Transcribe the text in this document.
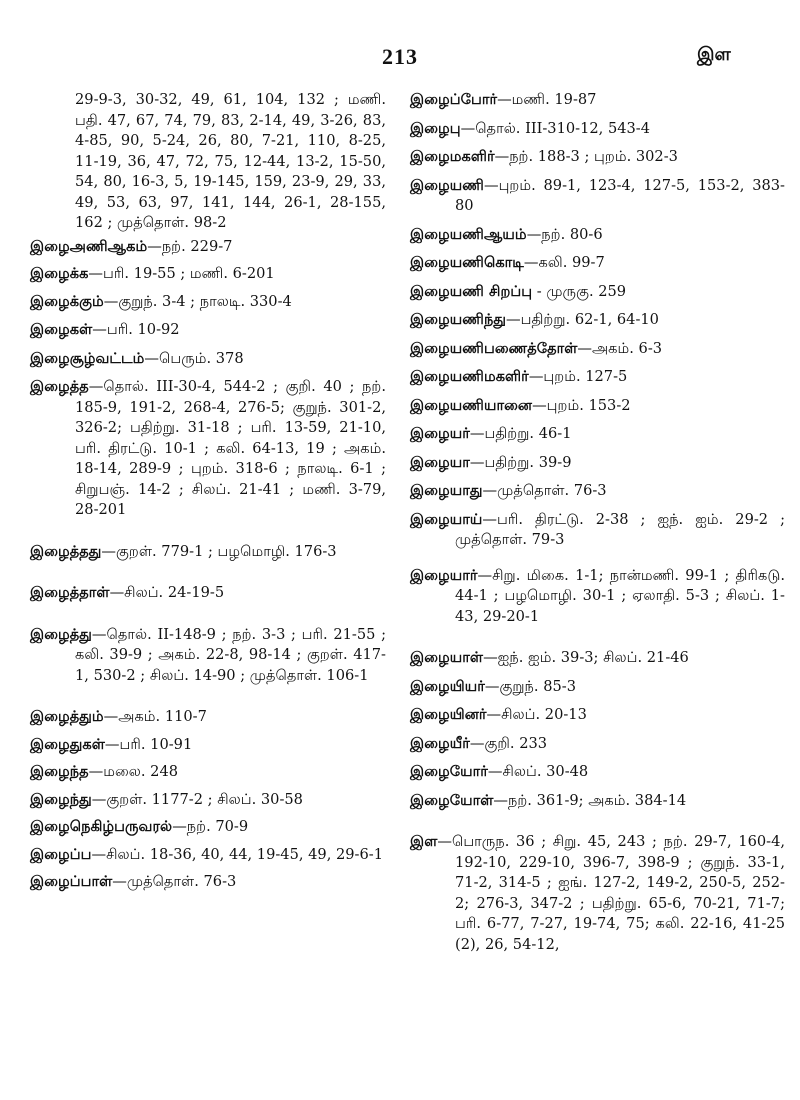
213	இள

29-9-3, 30-32, 49, 61, 104, 132 ; மணி. பதி. 47, 67, 74, 79, 83, 2-14, 49, 3-26, 83, 4-85, 90, 5-24, 26, 80, 7-21, 110, 8-25, 11-19, 36, 47, 72, 75, 12-44, 13-2, 15-50, 54, 80, 16-3, 5, 19-145, 159, 23-9, 29, 33, 49, 53, 63, 97, 141, 144, 26-1, 28-155, 162 ; முத்தொள். 98-2

இழைஅணிஆகம்—நற். 229-7

இழைக்க—பரி. 19-55 ; மணி. 6-201

இழைக்கும்—குறுந். 3-4 ; நாலடி. 330-4

இழைகள்—பரி. 10-92

இழைசூழ்வட்டம்—பெரும். 378

இழைத்த—தொல். III-30-4, 544-2 ; குறி. 40 ; நற். 185-9, 191-2, 268-4, 276-5; குறுந். 301-2, 326-2; பதிற்று. 31-18 ; பரி. 13-59, 21-10, பரி. திரட்டு. 10-1 ; கலி. 64-13, 19 ; அகம். 18-14, 289-9 ; புறம். 318-6 ; நாலடி. 6-1 ; சிறுபஞ். 14-2 ; சிலப். 21-41 ; மணி. 3-79, 28-201

இழைத்தது—குறள். 779-1 ; பழமொழி. 176-3

இழைத்தாள்—சிலப். 24-19-5

இழைத்து—தொல். II-148-9 ; நற். 3-3 ; பரி. 21-55 ; கலி. 39-9 ; அகம். 22-8, 98-14 ; குறள். 417-1, 530-2 ; சிலப். 14-90 ; முத்தொள். 106-1

இழைத்தும்—அகம். 110-7

இழைதுகள்—பரி. 10-91

இழைந்த—மலை. 248

இழைந்து—குறள். 1177-2 ; சிலப். 30-58

இழைநெகிழ்பருவரல்—நற். 70-9

இழைப்ப—சிலப். 18-36, 40, 44, 19-45, 49, 29-6-1

இழைப்பாள்—முத்தொள். 76-3

இழைப்போர்—மணி. 19-87

இழைபு—தொல். III-310-12, 543-4

இழைமகளிர்—நற். 188-3 ; புறம். 302-3

இழையணி—புறம். 89-1, 123-4, 127-5, 153-2, 383-80

இழையணிஆயம்—நற். 80-6

இழையணிகொடி—கலி. 99-7

இழையணி சிறப்பு - முருகு. 259

இழையணிந்து—பதிற்று. 62-1, 64-10

இழையணிபணைத்தோள்—அகம். 6-3

இழையணிமகளிர்—புறம். 127-5

இழையணியானை—புறம். 153-2

இழையர்—பதிற்று. 46-1

இழையா—பதிற்று. 39-9

இழையாது—முத்தொள். 76-3

இழையாய்—பரி. திரட்டு. 2-38 ; ஐந். ஐம். 29-2 ; முத்தொள். 79-3

இழையார்—சிறு. மிகை. 1-1; நான்மணி. 99-1 ; திரிகடு. 44-1 ; பழமொழி. 30-1 ; ஏலாதி. 5-3 ; சிலப். 1-43, 29-20-1

இழையாள்—ஐந். ஐம். 39-3; சிலப். 21-46

இழையியர்—குறுந். 85-3

இழையினர்—சிலப். 20-13

இழையீர்—குறி. 233

இழையோர்—சிலப். 30-48

இழையோள்—நற். 361-9; அகம். 384-14

இள—பொருந. 36 ; சிறு. 45, 243 ; நற். 29-7, 160-4, 192-10, 229-10, 396-7, 398-9 ; குறுந். 33-1, 71-2, 314-5 ; ஐங். 127-2, 149-2, 250-5, 252-2; 276-3, 347-2 ; பதிற்று. 65-6, 70-21, 71-7; பரி. 6-77, 7-27, 19-74, 75; கலி. 22-16, 41-25 (2), 26, 54-12,
